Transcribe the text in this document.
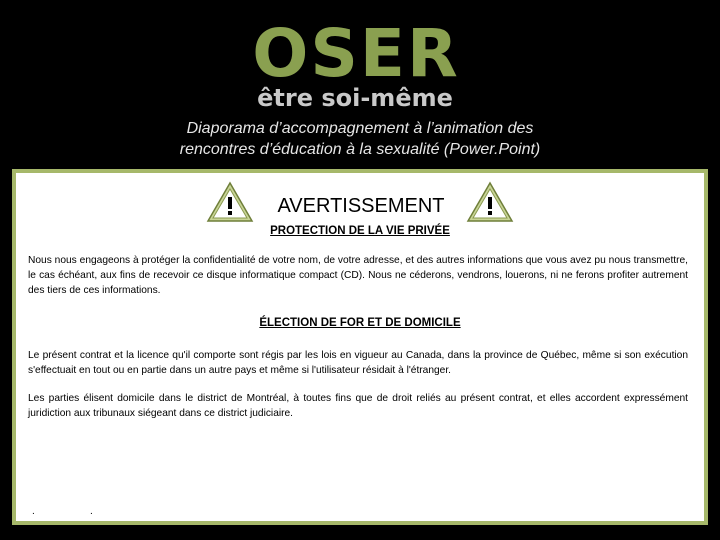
OSER
être soi-même
Diaporama d’accompagnement à l’animation des
rencontres d’éducation à la sexualité (Power.Point)
AVERTISSEMENT
PROTECTION DE LA VIE PRIVÉE
Nous nous engageons à protéger la confidentialité de votre nom, de votre adresse, et des autres informations que vous avez pu nous transmettre, le cas échéant, aux fins de recevoir ce disque informatique compact (CD). Nous ne céderons, vendrons, louerons, ni ne ferons profiter autrement des tiers de ces informations.
ÉLECTION DE FOR ET DE DOMICILE
Le présent contrat et la licence qu'il comporte sont régis par les lois en vigueur au Canada, dans la province de Québec, même si son exécution s'effectuait en tout ou en partie dans un autre pays et même si l'utilisateur résidait à l'étranger.
Les parties élisent domicile dans le district de Montréal, à toutes fins que de droit reliés au présent contrat, et elles accordent expressément juridiction aux tribunaux siégeant dans ce district judiciaire.
.	.
